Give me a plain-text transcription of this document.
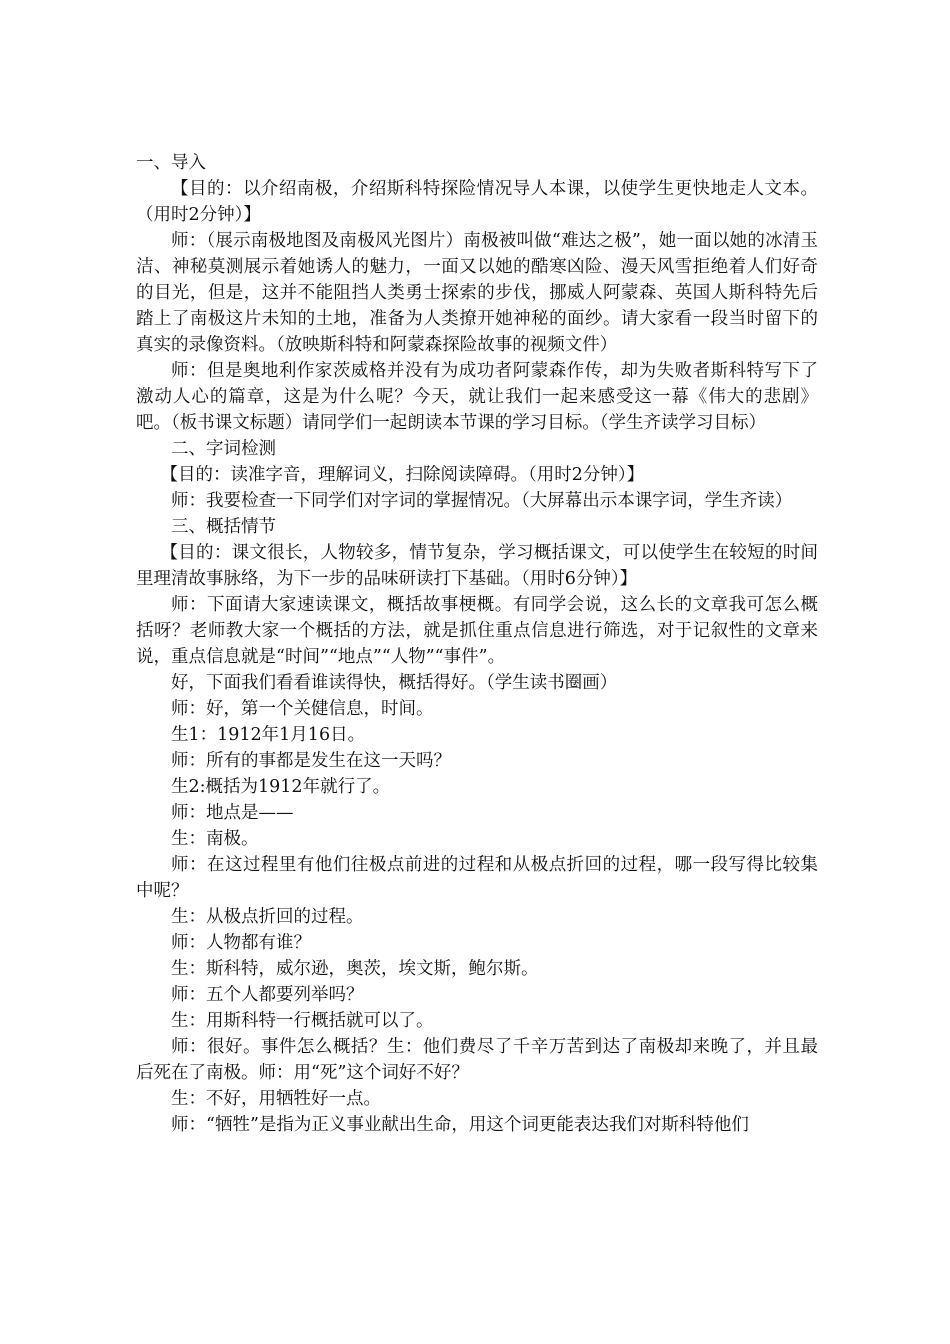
一、导入

【目的：以介绍南极，介绍斯科特探险情况导人本课，以使学生更快地走人文本。（用时2分钟）】

师：（展示南极地图及南极风光图片）南极被叫做“难达之极”，她一面以她的冰清玉洁、神秘莫测展示着她诱人的魅力，一面又以她的酷寒凶险、漫天风雪拒绝着人们好奇的目光，但是，这并不能阻挡人类勇士探索的步伐，挪威人阿蒙森、英国人斯科特先后踏上了南极这片未知的土地，准备为人类撩开她神秘的面纱。请大家看一段当时留下的真实的录像资料。（放映斯科特和阿蒙森探险故事的视频文件）

师：但是奥地利作家茨威格并没有为成功者阿蒙森作传，却为失败者斯科特写下了激动人心的篇章，这是为什么呢？今天，就让我们一起来感受这一幕《伟大的悲剧》吧。（板书课文标题）请同学们一起朗读本节课的学习目标。（学生齐读学习目标）

二、字词检测

【目的：读准字音，理解词义，扫除阅读障碍。（用时2分钟）】

师：我要检查一下同学们对字词的掌握情况。（大屏幕出示本课字词，学生齐读）

三、概括情节

【目的：课文很长，人物较多，情节复杂，学习概括课文，可以使学生在较短的时间里理清故事脉络，为下一步的品味研读打下基础。（用时6分钟）】

师：下面请大家速读课文，概括故事梗概。有同学会说，这么长的文章我可怎么概括呀？老师教大家一个概括的方法，就是抓住重点信息进行筛选，对于记叙性的文章来说，重点信息就是“时间”“地点”“人物”“事件”。

好，下面我们看看谁读得快，概括得好。（学生读书圈画）

师：好，第一个关健信息，时间。

生1：1912年1月16日。

师：所有的事都是发生在这一天吗？

生2:概括为1912年就行了。

师：地点是——

生：南极。

师：在这过程里有他们往极点前进的过程和从极点折回的过程，哪一段写得比较集中呢？

生：从极点折回的过程。

师：人物都有谁？

生：斯科特，威尔逊，奥茨，埃文斯，鲍尔斯。

师：五个人都要列举吗？

生：用斯科特一行概括就可以了。

师：很好。事件怎么概括？生：他们费尽了千辛万苦到达了南极却来晚了，并且最后死在了南极。师：用“死”这个词好不好？

生：不好，用牺牲好一点。

师：“牺牲”是指为正义事业献出生命，用这个词更能表达我们对斯科特他们
